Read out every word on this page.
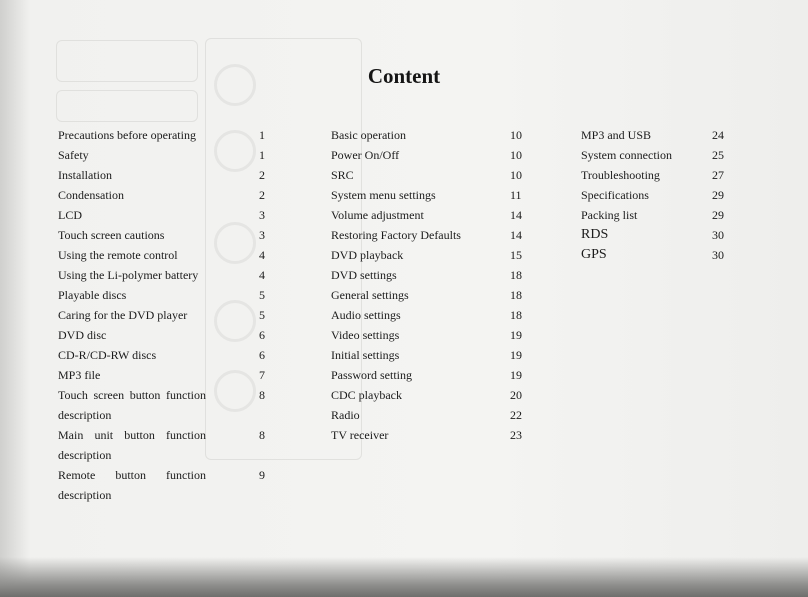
Content
Precautions before operating	1
Safety	1
Installation	2
Condensation	2
LCD	3
Touch screen cautions	3
Using the remote control	4
Using the Li-polymer battery	4
Playable discs	5
Caring for the DVD player	5
DVD disc	6
CD-R/CD-RW discs	6
MP3 file	7
Touch screen button function	8
description
Main unit button function	8
description
Remote button function	9
description
Basic operation	10
Power On/Off	10
SRC	10
System menu settings	11
Volume adjustment	14
Restoring Factory Defaults	14
DVD playback	15
DVD settings	18
General settings	18
Audio settings	18
Video settings	19
Initial settings	19
Password setting	19
CDC playback	20
Radio	22
TV receiver	23
MP3 and USB	24
System connection	25
Troubleshooting	27
Specifications	29
Packing list	29
RDS	30
GPS	30
